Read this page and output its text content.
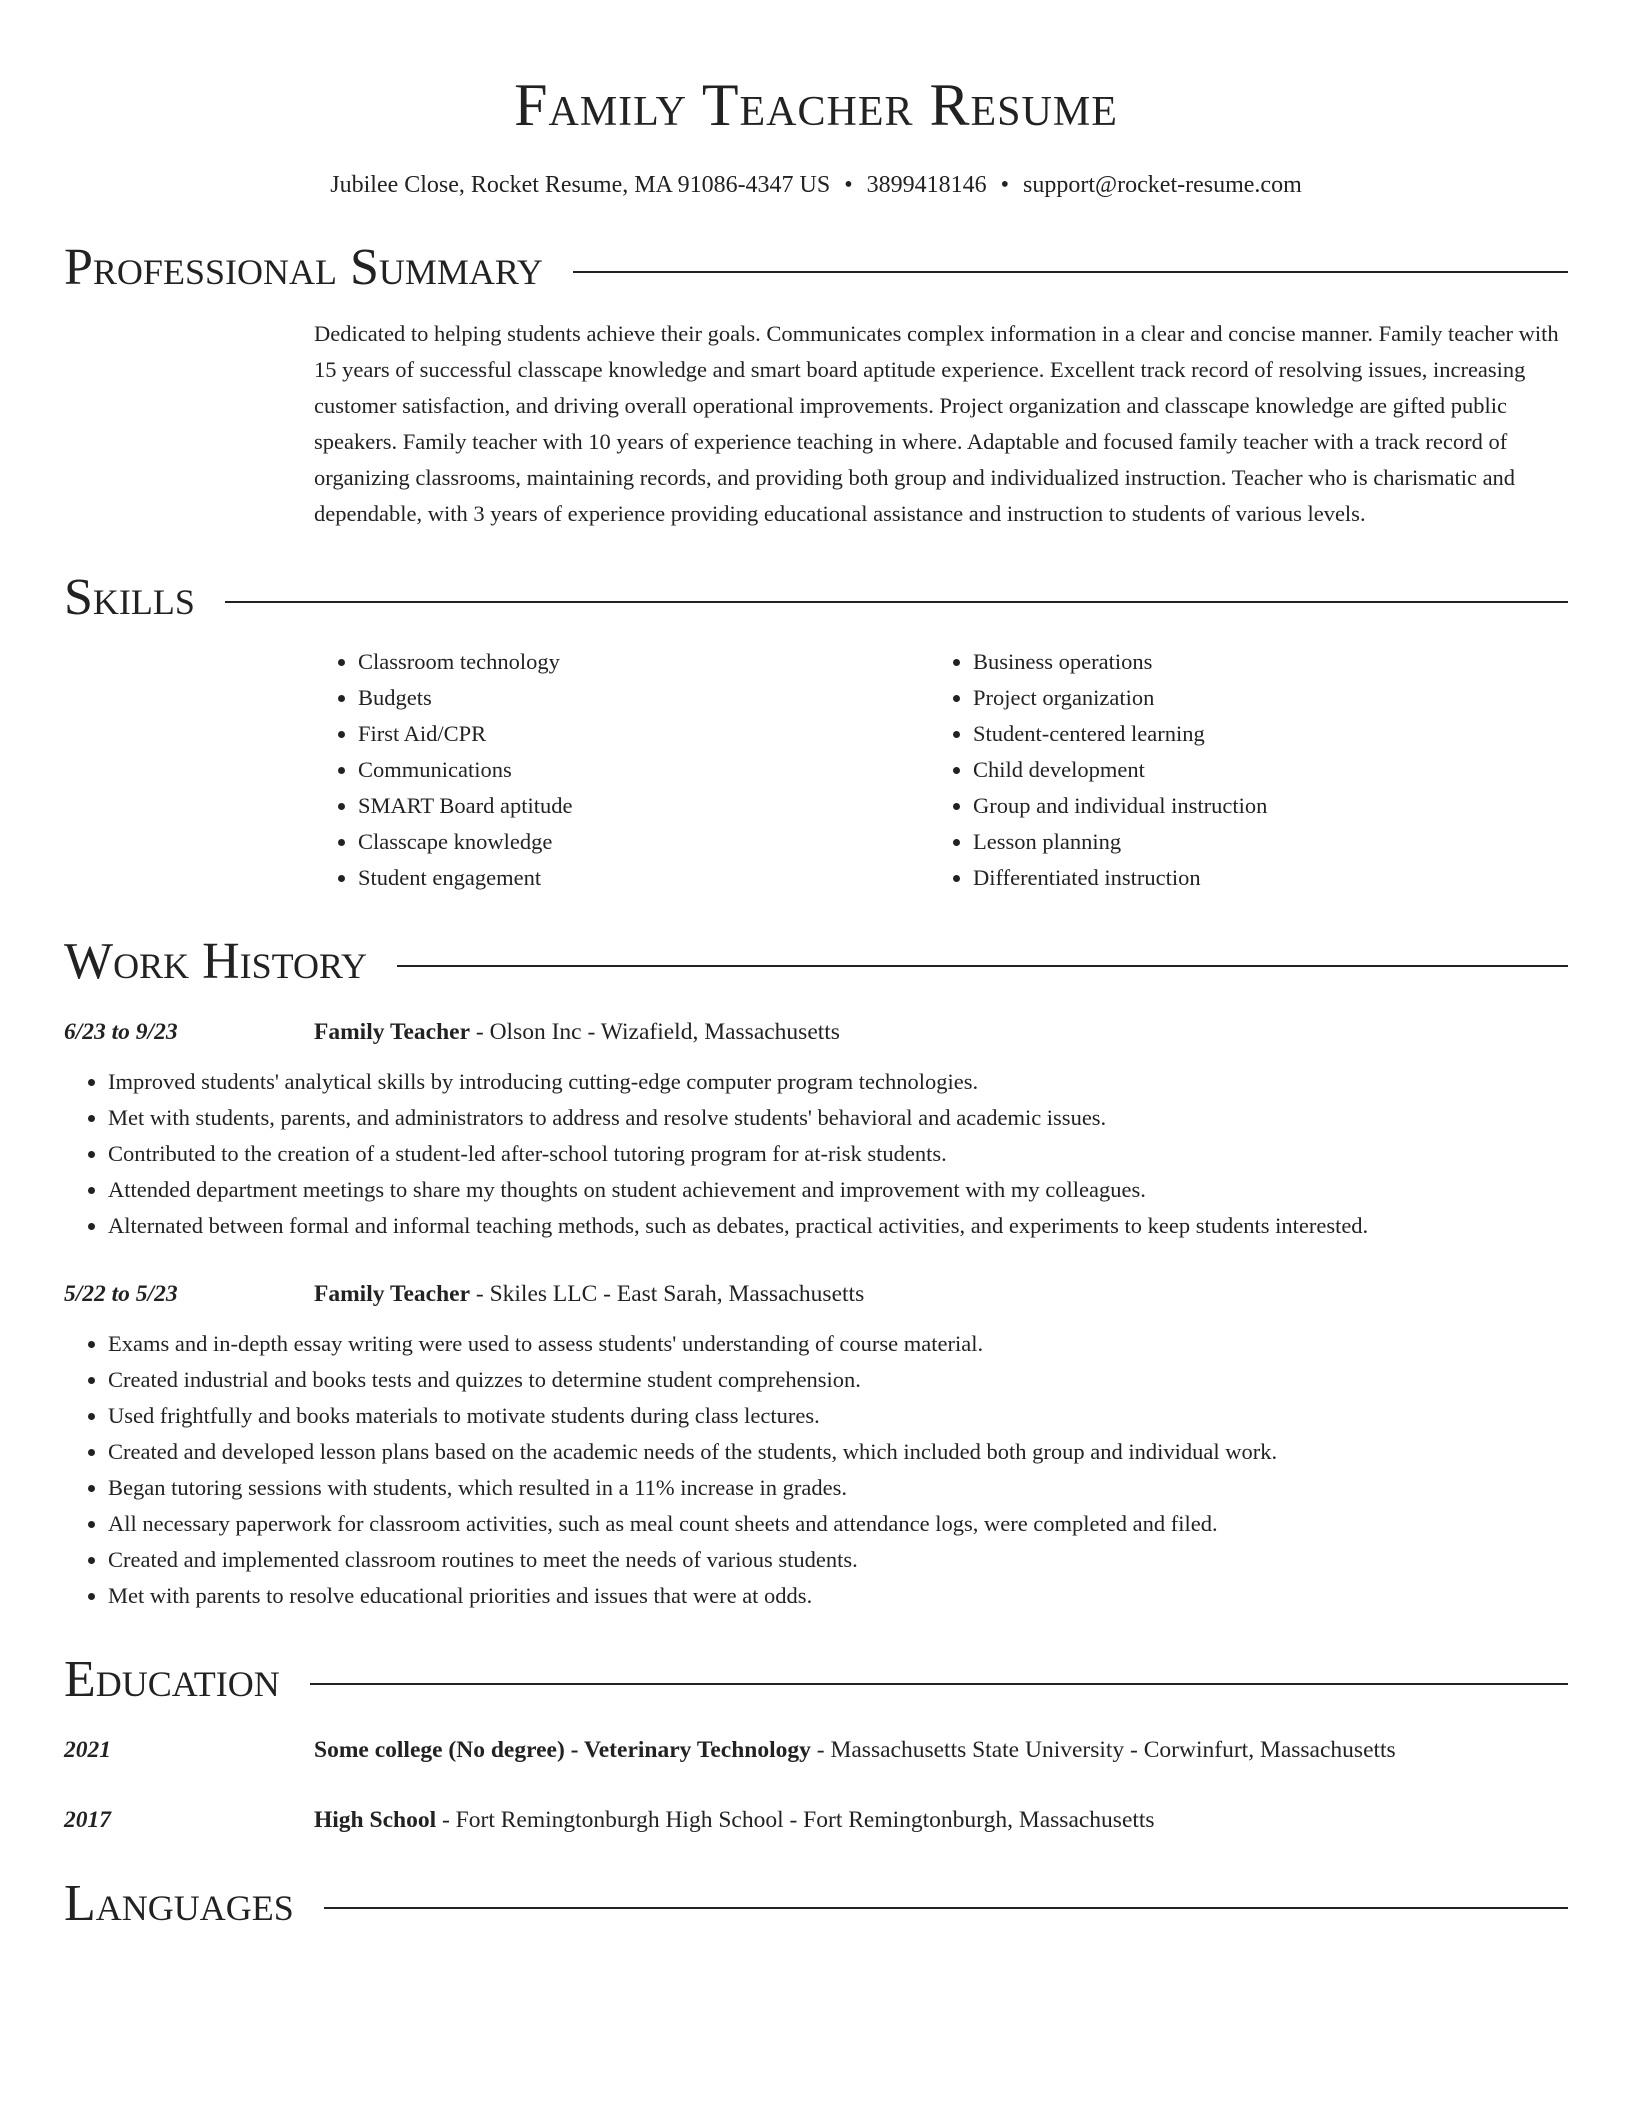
Family Teacher Resume
Jubilee Close, Rocket Resume, MA 91086-4347 US • 3899418146 • support@rocket-resume.com
Professional Summary

Dedicated to helping students achieve their goals. Communicates complex information in a clear and concise manner. Family teacher with 15 years of successful classcape knowledge and smart board aptitude experience. Excellent track record of resolving issues, increasing customer satisfaction, and driving overall operational improvements. Project organization and classcape knowledge are gifted public speakers. Family teacher with 10 years of experience teaching in where. Adaptable and focused family teacher with a track record of organizing classrooms, maintaining records, and providing both group and individualized instruction. Teacher who is charismatic and dependable, with 3 years of experience providing educational assistance and instruction to students of various levels.

Skills
• Classroom technology
• Budgets
• First Aid/CPR
• Communications
• SMART Board aptitude
• Classcape knowledge
• Student engagement
• Business operations
• Project organization
• Student-centered learning
• Child development
• Group and individual instruction
• Lesson planning
• Differentiated instruction
Work History
6/23 to 9/23	Family Teacher - Olson Inc - Wizafield, Massachusetts
• Improved students' analytical skills by introducing cutting-edge computer program technologies.
• Met with students, parents, and administrators to address and resolve students' behavioral and academic issues.
• Contributed to the creation of a student-led after-school tutoring program for at-risk students.
• Attended department meetings to share my thoughts on student achievement and improvement with my colleagues.
• Alternated between formal and informal teaching methods, such as debates, practical activities, and experiments to keep students interested.
5/22 to 5/23	Family Teacher - Skiles LLC - East Sarah, Massachusetts
• Exams and in-depth essay writing were used to assess students' understanding of course material.
• Created industrial and books tests and quizzes to determine student comprehension.
• Used frightfully and books materials to motivate students during class lectures.
• Created and developed lesson plans based on the academic needs of the students, which included both group and individual work.
• Began tutoring sessions with students, which resulted in a 11% increase in grades.
• All necessary paperwork for classroom activities, such as meal count sheets and attendance logs, were completed and filed.
• Created and implemented classroom routines to meet the needs of various students.
• Met with parents to resolve educational priorities and issues that were at odds.
Education
2021	Some college (No degree) - Veterinary Technology - Massachusetts State University - Corwinfurt, Massachusetts
2017	High School - Fort Remingtonburgh High School - Fort Remingtonburgh, Massachusetts
Languages
